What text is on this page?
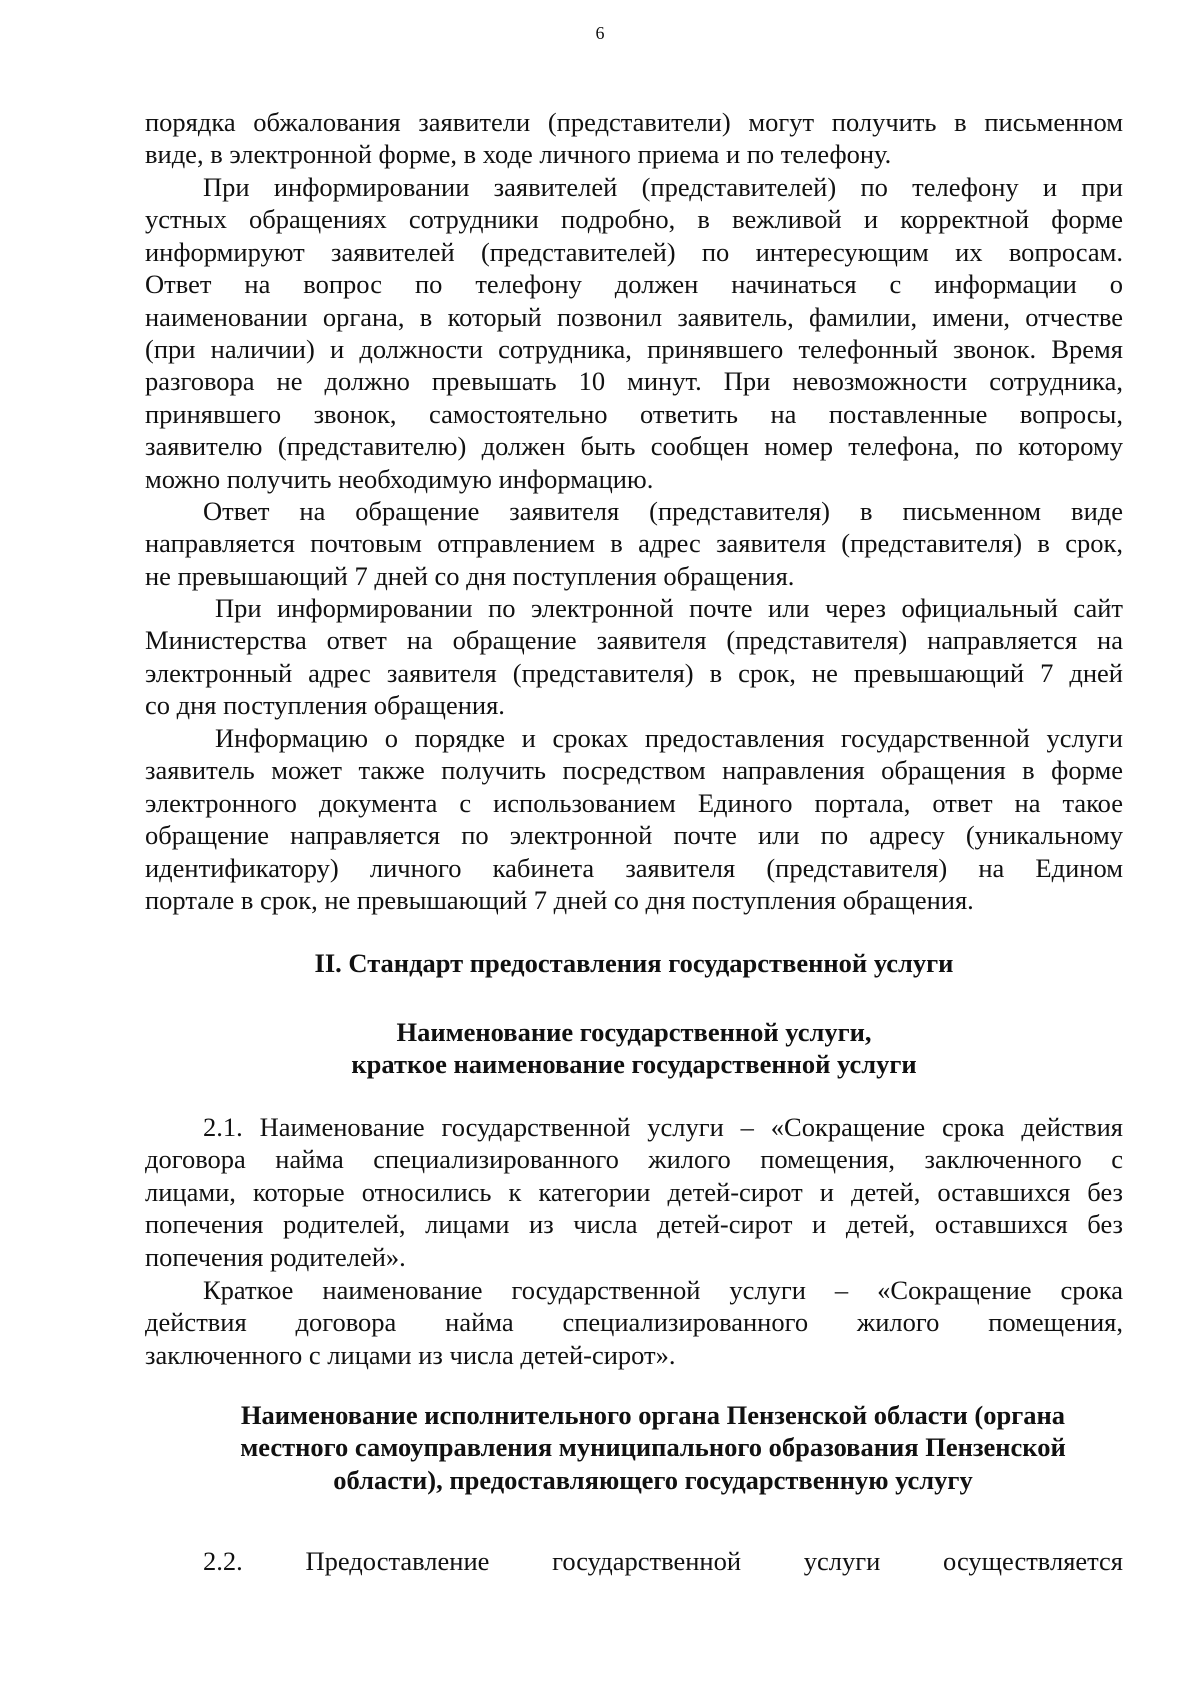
6

порядка обжалования заявители (представители) могут получить в письменном
виде, в электронной форме, в ходе личного приема и по телефону.

При информировании заявителей (представителей) по телефону и при
устных обращениях сотрудники подробно, в вежливой и корректной форме
информируют заявителей (представителей) по интересующим их вопросам.
Ответ на вопрос по телефону должен начинаться с информации о
наименовании органа, в который позвонил заявитель, фамилии, имени, отчестве
(при наличии) и должности сотрудника, принявшего телефонный звонок. Время
разговора не должно превышать 10 минут. При невозможности сотрудника,
принявшего звонок, самостоятельно ответить на поставленные вопросы,
заявителю (представителю) должен быть сообщен номер телефона, по которому
можно получить необходимую информацию.

Ответ на обращение заявителя (представителя) в письменном виде
направляется почтовым отправлением в адрес заявителя (представителя) в срок,
не превышающий 7 дней со дня поступления обращения.

При информировании по электронной почте или через официальный сайт
Министерства ответ на обращение заявителя (представителя) направляется на
электронный адрес заявителя (представителя) в срок, не превышающий 7 дней
со дня поступления обращения.

Информацию о порядке и сроках предоставления государственной услуги
заявитель может также получить посредством направления обращения в форме
электронного документа с использованием Единого портала, ответ на такое
обращение направляется по электронной почте или по адресу (уникальному
идентификатору) личного кабинета заявителя (представителя) на Едином
портале в срок, не превышающий 7 дней со дня поступления обращения.

II. Стандарт предоставления государственной услуги
Наименование государственной услуги,
краткое наименование государственной услуги

2.1. Наименование государственной услуги – «Сокращение срока действия
договора найма специализированного жилого помещения, заключенного с
лицами, которые относились к категории детей-сирот и детей, оставшихся без
попечения родителей, лицами из числа детей-сирот и детей, оставшихся без
попечения родителей».

Краткое наименование государственной услуги – «Сокращение срока
действия договора найма специализированного жилого помещения,
заключенного с лицами из числа детей-сирот».

Наименование исполнительного органа Пензенской области (органа
местного самоуправления муниципального образования Пензенской
области), предоставляющего государственную услугу

2.2. Предоставление государственной услуги осуществляется
